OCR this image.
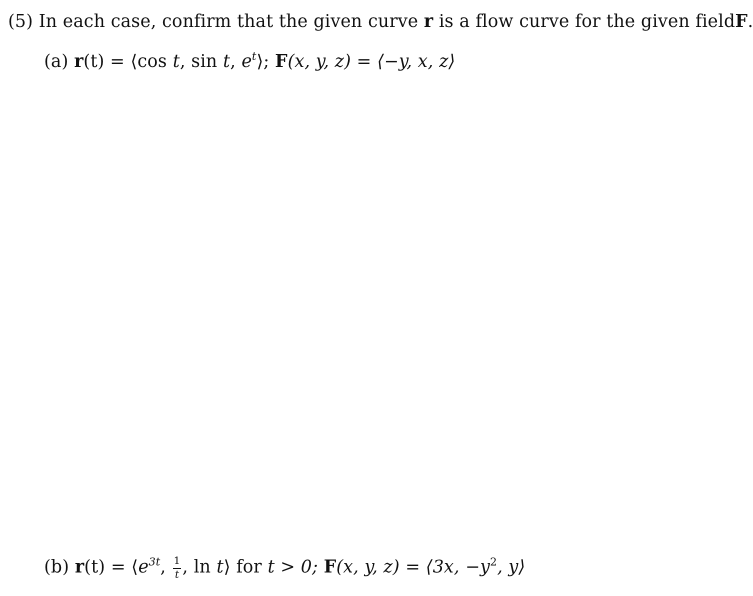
(5) In each case, confirm that the given curve r is a flow curve for the given fieldF.
(a) r(t) = ⟨cos t, sin t, $e^t⟩$; F(x, y, z) = ⟨−y, x, z⟩
(b) $r(t) = ⟨e^{3t}$, $\frac{1}{t}$ , ln t⟩ for t > 0; F(x, y, z) = ⟨3x, $-y^2$, y⟩
